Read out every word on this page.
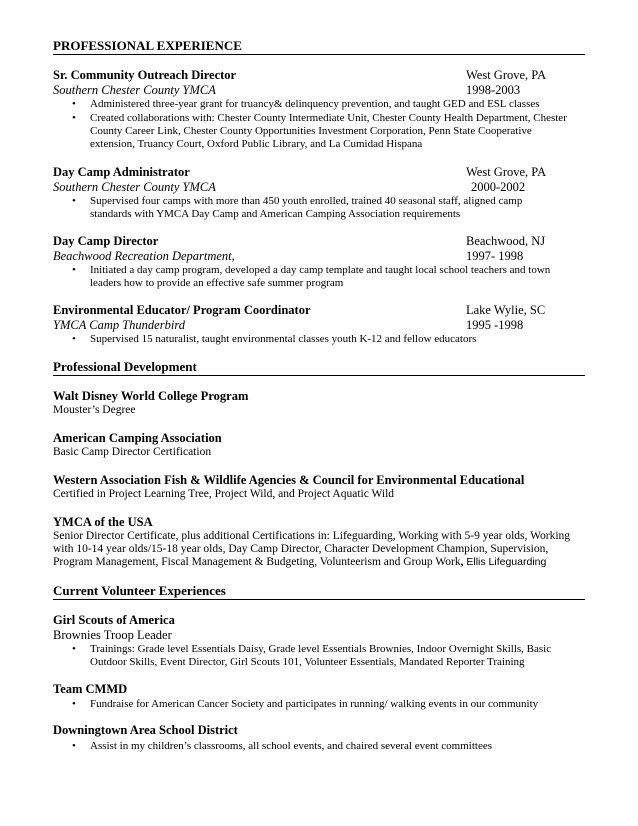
PROFESSIONAL EXPERIENCE
Sr. Community Outreach Director	West Grove, PA
Southern Chester County YMCA	1998-2003
• Administered three-year grant for truancy& delinquency prevention, and taught GED and ESL classes
• Created collaborations with: Chester County Intermediate Unit, Chester County Health Department, Chester
County Career Link, Chester County Opportunities Investment Corporation, Penn State Cooperative
extension, Truancy Court, Oxford Public Library, and La Cumidad Hispana
Day Camp Administrator	West Grove, PA
Southern Chester County YMCA	2000-2002
• Supervised four camps with more than 450 youth enrolled, trained 40 seasonal staff, aligned camp
standards with YMCA Day Camp and American Camping Association requirements
Day Camp Director	Beachwood, NJ
Beachwood Recreation Department,	1997- 1998
• Initiated a day camp program, developed a day camp template and taught local school teachers and town
leaders how to provide an effective safe summer program
Environmental Educator/ Program Coordinator	Lake Wylie, SC
YMCA Camp Thunderbird	1995 -1998
• Supervised 15 naturalist, taught environmental classes youth K-12 and fellow educators
Professional Development
Walt Disney World College Program
Mouster’s Degree
American Camping Association
Basic Camp Director Certification
Western Association Fish & Wildlife Agencies & Council for Environmental Educational
Certified in Project Learning Tree, Project Wild, and Project Aquatic Wild
YMCA of the USA
Senior Director Certificate, plus additional Certifications in: Lifeguarding, Working with 5-9 year olds, Working
with 10-14 year olds/15-18 year olds, Day Camp Director, Character Development Champion, Supervision,
Program Management, Fiscal Management & Budgeting, Volunteerism and Group Work, Ellis Lifeguarding
Current Volunteer Experiences
Girl Scouts of America
Brownies Troop Leader
• Trainings: Grade level Essentials Daisy, Grade level Essentials Brownies, Indoor Overnight Skills, Basic
Outdoor Skills, Event Director, Girl Scouts 101, Volunteer Essentials, Mandated Reporter Training
Team CMMD
• Fundraise for American Cancer Society and participates in running/ walking events in our community
Downingtown Area School District
• Assist in my children’s classrooms, all school events, and chaired several event committees
